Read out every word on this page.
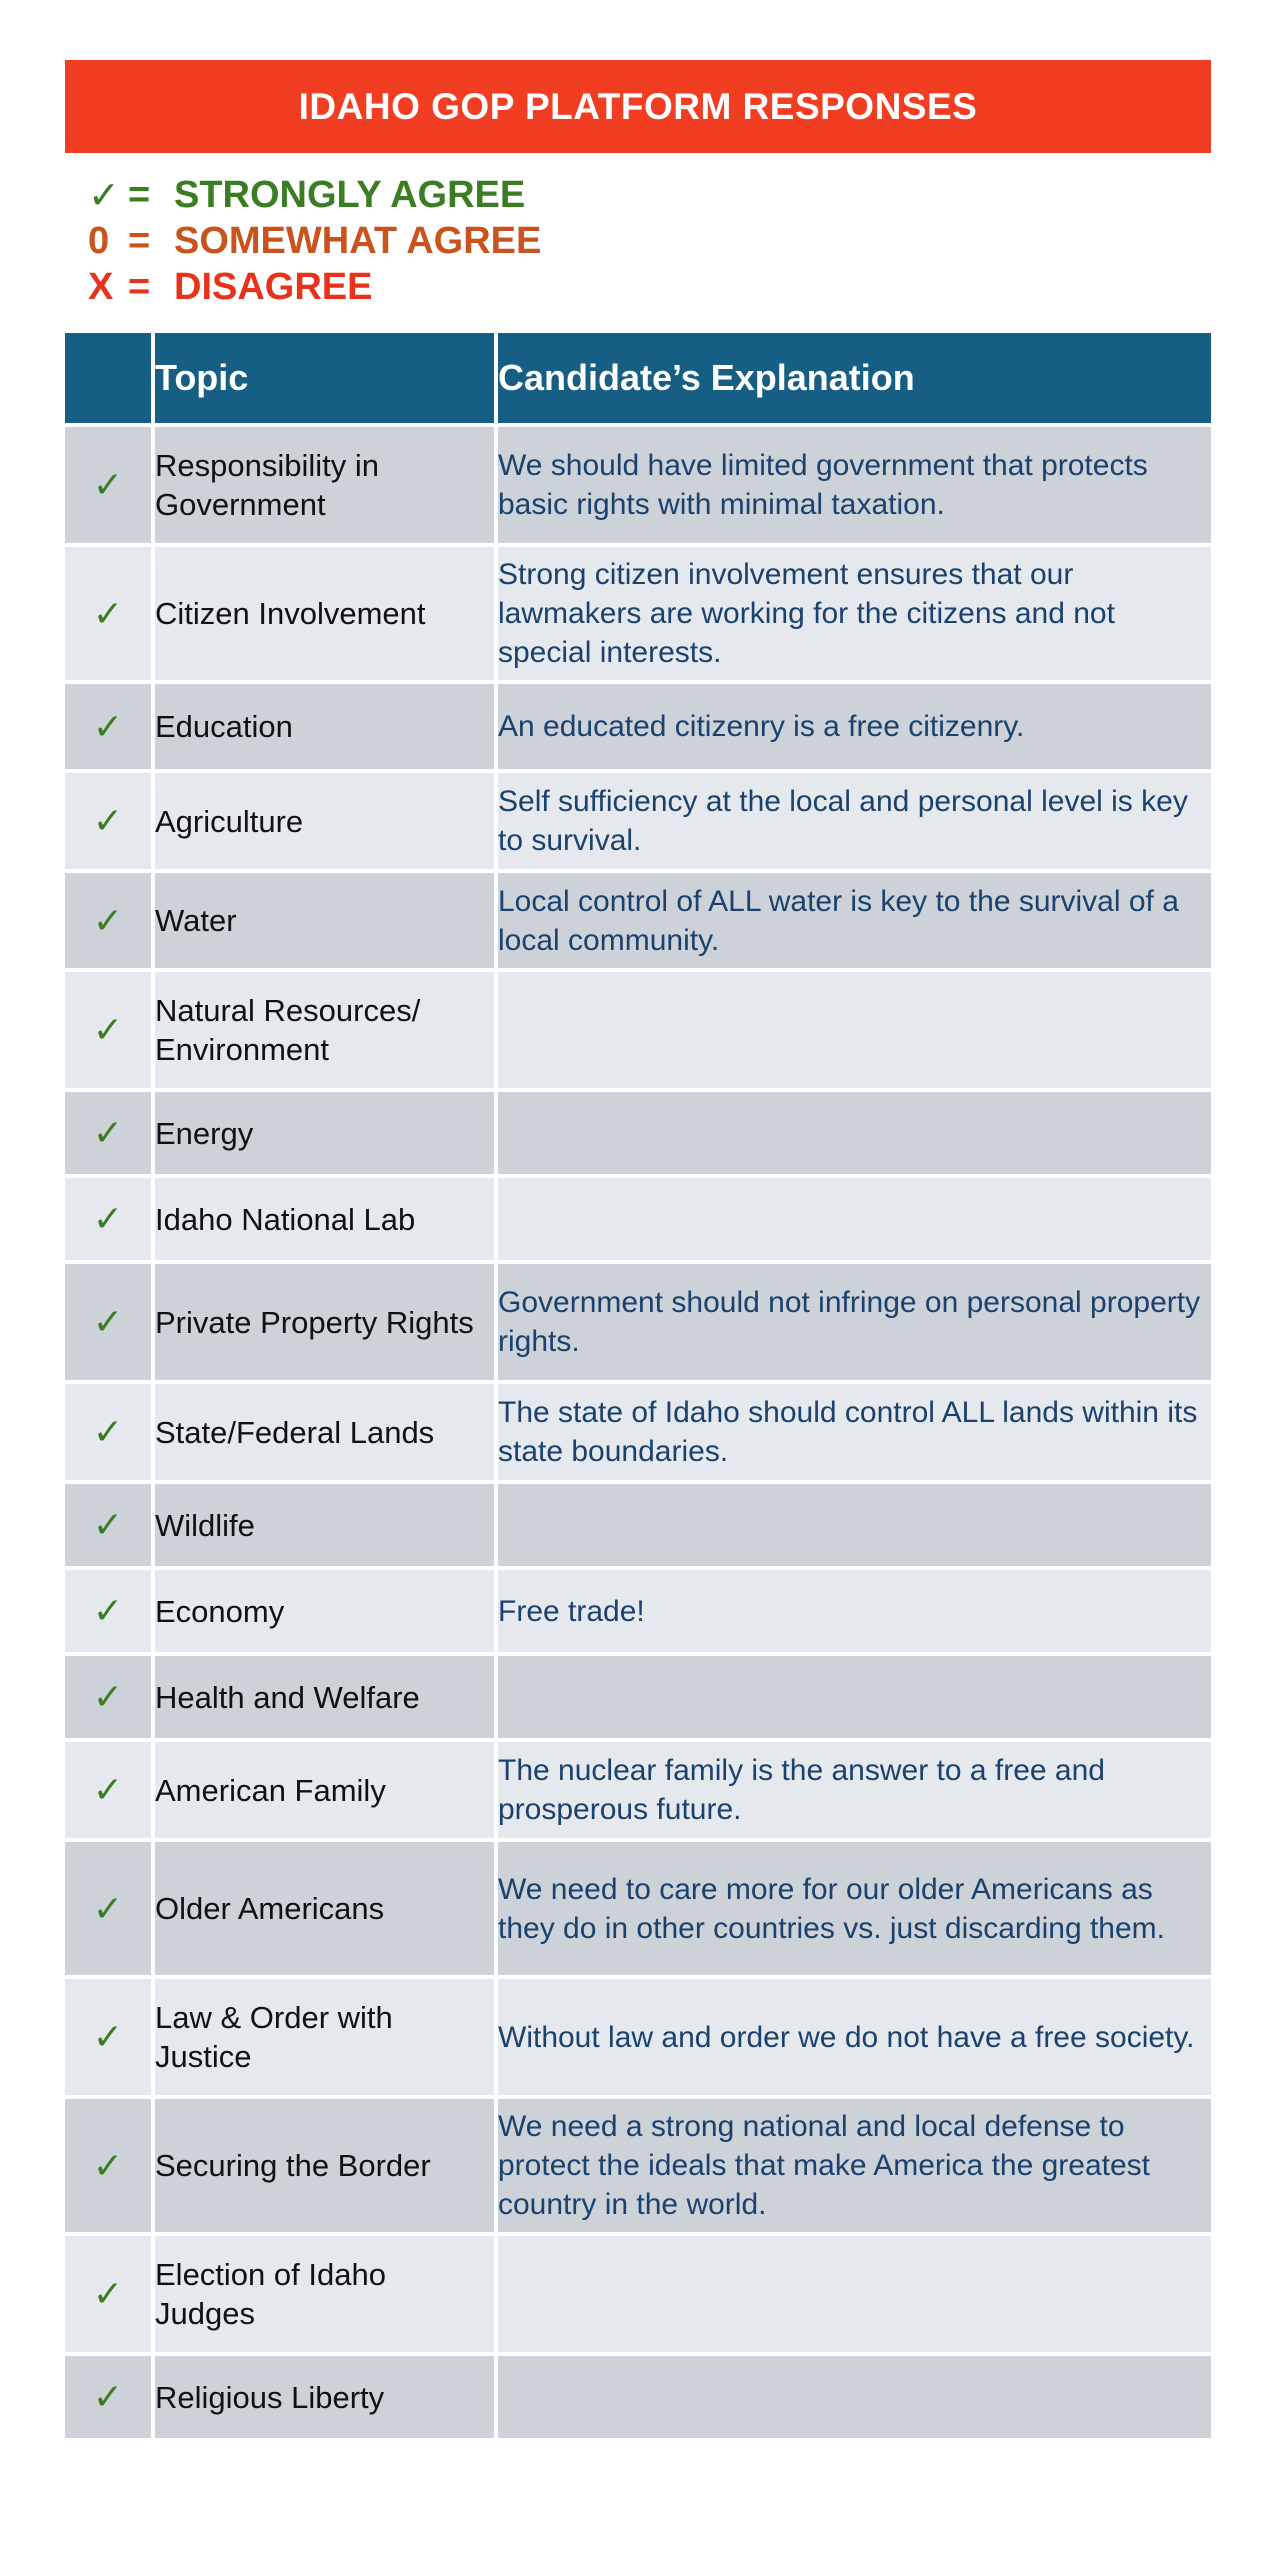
IDAHO GOP PLATFORM RESPONSES
✓ = STRONGLY AGREE
0 = SOMEWHAT AGREE
X = DISAGREE
	Topic	Candidate’s Explanation
✓	Responsibility in Government	We should have limited government that protects basic rights with minimal taxation.
✓	Citizen Involvement	Strong citizen involvement ensures that our lawmakers are working for the citizens and not special interests.
✓	Education	An educated citizenry is a free citizenry.
✓	Agriculture	Self sufficiency at the local and personal level is key to survival.
✓	Water	Local control of ALL water is key to the survival of a local community.
✓	Natural Resources/ Environment	
✓	Energy	
✓	Idaho National Lab	
✓	Private Property Rights	Government should not infringe on personal property rights.
✓	State/Federal Lands	The state of Idaho should control ALL lands within its state boundaries.
✓	Wildlife	
✓	Economy	Free trade!
✓	Health and Welfare	
✓	American Family	The nuclear family is the answer to a free and prosperous future.
✓	Older Americans	We need to care more for our older Americans as they do in other countries vs. just discarding them.
✓	Law & Order with Justice	Without law and order we do not have a free society.
✓	Securing the Border	We need a strong national and local defense to protect the ideals that make America the greatest country in the world.
✓	Election of Idaho Judges	
✓	Religious Liberty	
